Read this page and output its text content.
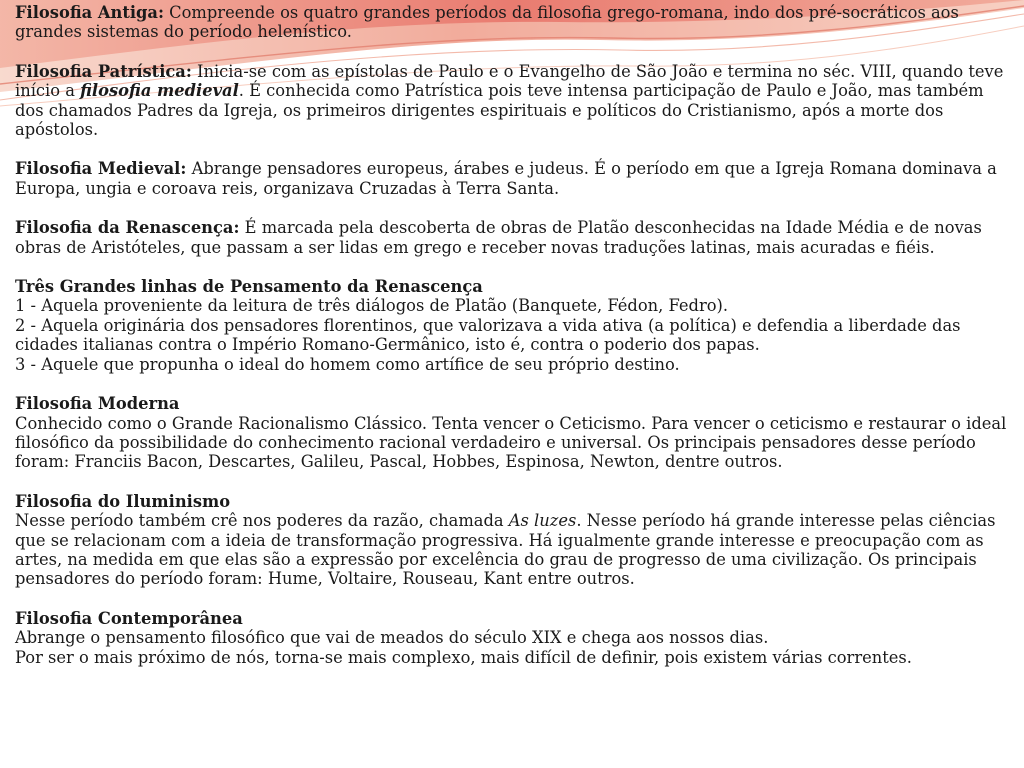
Filosofia Antiga: Compreende os quatro grandes períodos da filosofia grego-romana, indo dos pré-socráticos aos grandes sistemas do período helenístico.

Filosofia Patrística: Inicia-se com as epístolas de Paulo e o Evangelho de São João e termina no séc. VIII, quando teve início a filosofia medieval. É conhecida como Patrística pois teve intensa participação de Paulo e João, mas também dos chamados Padres da Igreja, os primeiros dirigentes espirituais e políticos do Cristianismo, após a morte dos apóstolos.

Filosofia Medieval: Abrange pensadores europeus, árabes e judeus. É o período em que a Igreja Romana dominava a Europa, ungia e coroava reis, organizava Cruzadas à Terra Santa.

Filosofia da Renascença: É marcada pela descoberta de obras de Platão desconhecidas na Idade Média e de novas obras de Aristóteles, que passam a ser lidas em grego e receber novas traduções latinas, mais acuradas e fiéis.

Três Grandes linhas de Pensamento da Renascença

1 - Aquela proveniente da leitura de três diálogos de Platão (Banquete, Fédon, Fedro).

2 - Aquela originária dos pensadores florentinos, que valorizava a vida ativa (a política) e defendia a liberdade das cidades italianas contra o Império Romano-Germânico, isto é, contra o poderio dos papas.

3 - Aquele que propunha o ideal do homem como artífice de seu próprio destino.

Filosofia Moderna

Conhecido como o Grande Racionalismo Clássico. Tenta vencer o Ceticismo. Para vencer o ceticismo e restaurar o ideal filosófico da possibilidade do conhecimento racional verdadeiro e universal. Os principais pensadores desse período foram: Franciis Bacon, Descartes, Galileu, Pascal, Hobbes, Espinosa, Newton, dentre outros.

Filosofia do Iluminismo

Nesse período também crê nos poderes da razão, chamada As luzes. Nesse período há grande interesse pelas ciências que se relacionam com a ideia de transformação progressiva. Há igualmente grande interesse e preocupação com as artes, na medida em que elas são a expressão por excelência do grau de progresso de uma civilização. Os principais pensadores do período foram: Hume, Voltaire, Rouseau, Kant entre outros.

Filosofia Contemporânea

Abrange o pensamento filosófico que vai de meados do século XIX e chega aos nossos dias.

Por ser o mais próximo de nós, torna-se mais complexo, mais difícil de definir, pois existem várias correntes.
